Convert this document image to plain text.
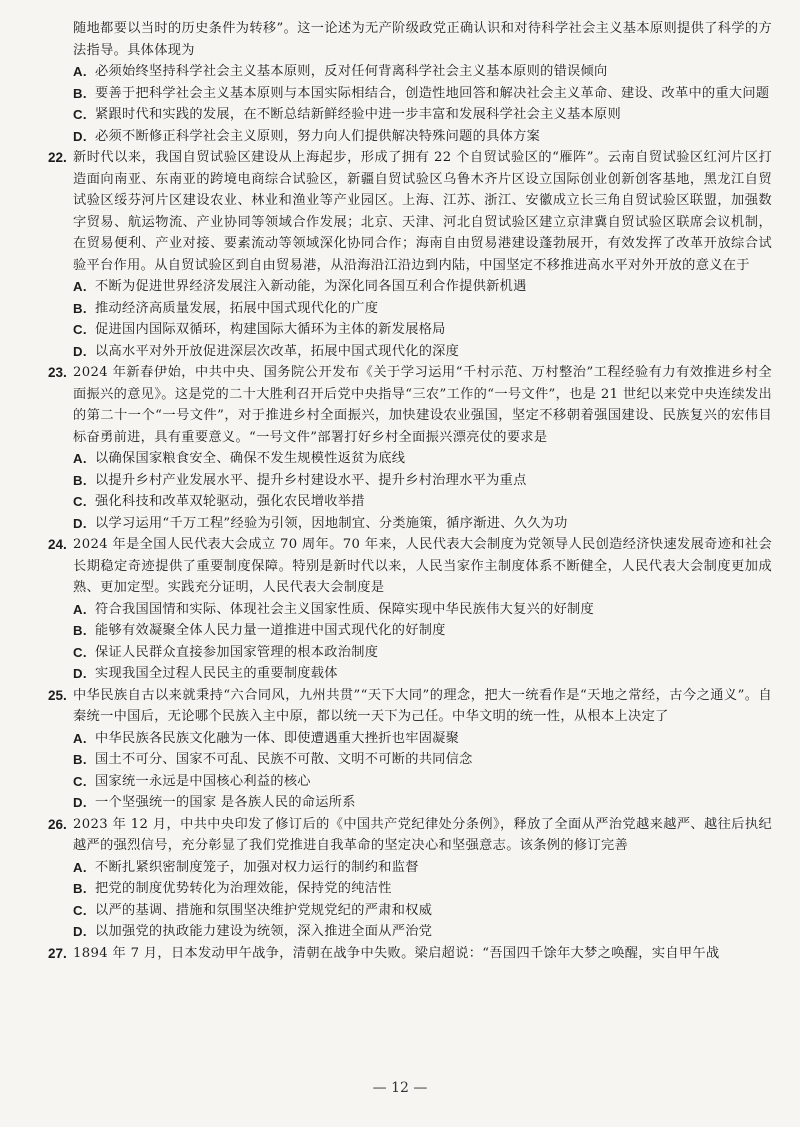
随地都要以当时的历史条件为转移”。这一论述为无产阶级政党正确认识和对待科学社会主义基本原则提供了科学的方法指导。具体体现为
A. 必须始终坚持科学社会主义基本原则，反对任何背离科学社会主义基本原则的错误倾向
B. 要善于把科学社会主义基本原则与本国实际相结合，创造性地回答和解决社会主义革命、建设、改革中的重大问题
C. 紧跟时代和实践的发展，在不断总结新鲜经验中进一步丰富和发展科学社会主义基本原则
D. 必须不断修正科学社会主义原则，努力向人们提供解决特殊问题的具体方案
22. 新时代以来，我国自贸试验区建设从上海起步，形成了拥有 22 个自贸试验区的“雁阵”。云南自贸试验区红河片区打造面向南亚、东南亚的跨境电商综合试验区，新疆自贸试验区乌鲁木齐片区设立国际创业创新创客基地，黑龙江自贸试验区绥芬河片区建设农业、林业和渔业等产业园区。上海、江苏、浙江、安徽成立长三角自贸试验区联盟，加强数字贸易、航运物流、产业协同等领域合作发展；北京、天津、河北自贸试验区建立京津冀自贸试验区联席会议机制，在贸易便利、产业对接、要素流动等领域深化协同合作；海南自由贸易港建设蓬勃展开，有效发挥了改革开放综合试验平台作用。从自贸试验区到自由贸易港，从沿海沿江沿边到内陆，中国坚定不移推进高水平对外开放的意义在于
A. 不断为促进世界经济发展注入新动能，为深化同各国互利合作提供新机遇
B. 推动经济高质量发展，拓展中国式现代化的广度
C. 促进国内国际双循环，构建国际大循环为主体的新发展格局
D. 以高水平对外开放促进深层次改革，拓展中国式现代化的深度
23. 2024 年新春伊始，中共中央、国务院公开发布《关于学习运用“千村示范、万村整治”工程经验有力有效推进乡村全面振兴的意见》。这是党的二十大胜利召开后党中央指导“三农”工作的“一号文件”，也是 21 世纪以来党中央连续发出的第二十一个“一号文件”，对于推进乡村全面振兴，加快建设农业强国，坚定不移朝着强国建设、民族复兴的宏伟目标奋勇前进，具有重要意义。“一号文件”部署打好乡村全面振兴漂亮仗的要求是
A. 以确保国家粮食安全、确保不发生规模性返贫为底线
B. 以提升乡村产业发展水平、提升乡村建设水平、提升乡村治理水平为重点
C. 强化科技和改革双轮驱动，强化农民增收举措
D. 以学习运用“千万工程”经验为引领，因地制宜、分类施策，循序渐进、久久为功
24. 2024 年是全国人民代表大会成立 70 周年。70 年来，人民代表大会制度为党领导人民创造经济快速发展奇迹和社会长期稳定奇迹提供了重要制度保障。特别是新时代以来，人民当家作主制度体系不断健全，人民代表大会制度更加成熟、更加定型。实践充分证明，人民代表大会制度是
A. 符合我国国情和实际、体现社会主义国家性质、保障实现中华民族伟大复兴的好制度
B. 能够有效凝聚全体人民力量一道推进中国式现代化的好制度
C. 保证人民群众直接参加国家管理的根本政治制度
D. 实现我国全过程人民民主的重要制度载体
25. 中华民族自古以来就秉持“六合同风，九州共贯”“天下大同”的理念，把大一统看作是“天地之常经，古今之通义”。自秦统一中国后，无论哪个民族入主中原，都以统一天下为己任。中华文明的统一性，从根本上决定了
A. 中华民族各民族文化融为一体、即使遭遇重大挫折也牢固凝聚
B. 国土不可分、国家不可乱、民族不可散、文明不可断的共同信念
C. 国家统一永远是中国核心利益的核心
D. 一个坚强统一的国家 是各族人民的命运所系
26. 2023 年 12 月，中共中央印发了修订后的《中国共产党纪律处分条例》，释放了全面从严治党越来越严、越往后执纪越严的强烈信号，充分彰显了我们党推进自我革命的坚定决心和坚强意志。该条例的修订完善
A. 不断扎紧织密制度笼子，加强对权力运行的制约和监督
B. 把党的制度优势转化为治理效能，保持党的纯洁性
C. 以严的基调、措施和氛围坚决维护党规党纪的严肃和权威
D. 以加强党的执政能力建设为统领，深入推进全面从严治党
27. 1894 年 7 月，日本发动甲午战争，清朝在战争中失败。梁启超说：“吾国四千馀年大梦之唤醒，实自甲午战
— 12 —
